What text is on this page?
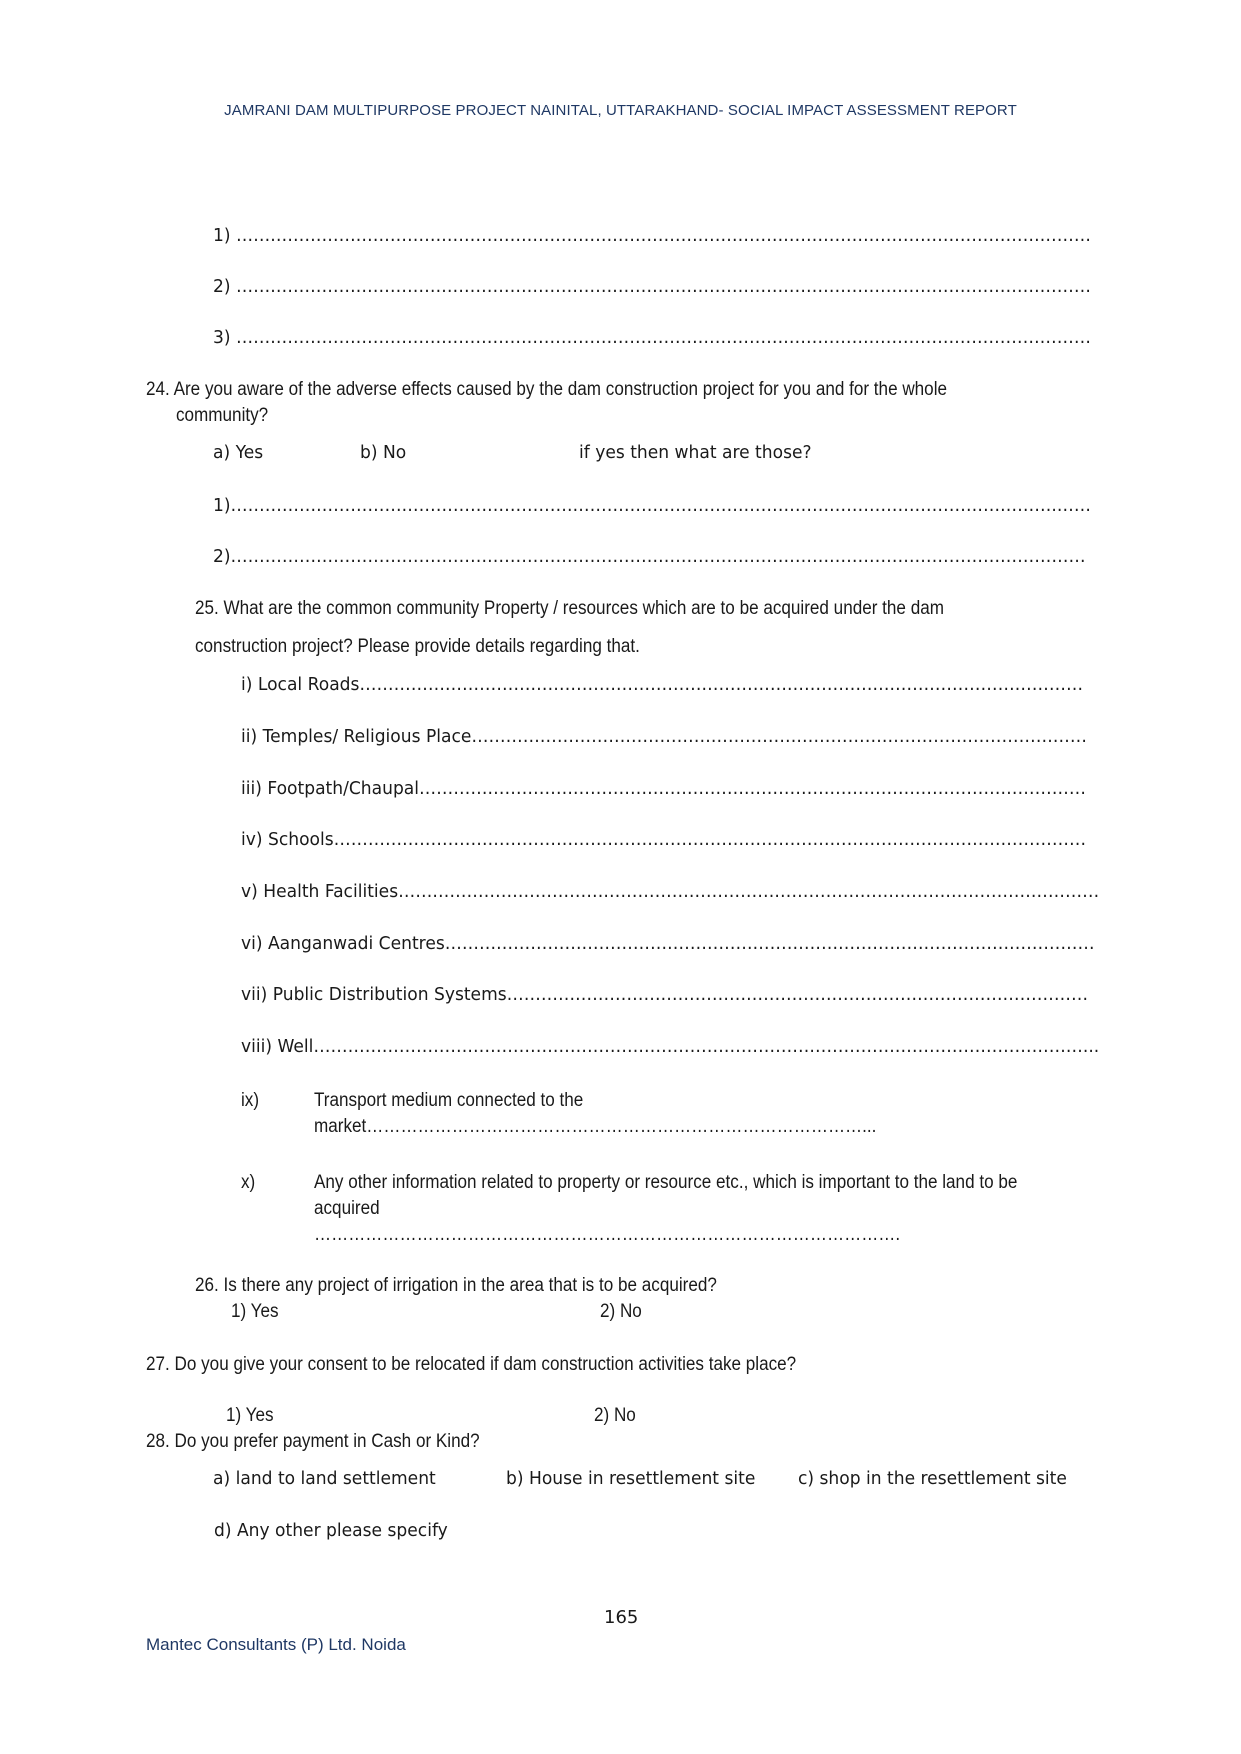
JAMRANI DAM MULTIPURPOSE PROJECT NAINITAL, UTTARAKHAND- SOCIAL IMPACT ASSESSMENT REPORT
1) ……………………………………………………………………………………………………………………………………
2) ……………………………………………………………………………………………………………………………………
3) ……………………………………………………………………………………………………………………………………
24. Are you aware of the adverse effects caused by the dam construction project for you and for the whole
community?
a) Yes	b) No	if yes then what are those?
1)……………………………………………………………………………………………………………………………….……
2)……………………………………………………………………………………………………………………………………
25. What are the common community Property / resources which are to be acquired under the dam
construction project? Please provide details regarding that.
i) Local Roads………………………………………………………………………………….……………………………
ii) Temples/ Religious Place………………………………………………………………………………………………
iii) Footpath/Chaupal………………………………………………………………………………………………………
iv) Schools……………………………………………………………………………………………………………………
v) Health Facilities……………………………………………………………………………………………………………
vi) Aanganwadi Centres……………………………………………………………………………………………………
vii) Public Distribution Systems…………………………………………………………………………………………
viii) Well………………………………………………………………………………………………………………………...
ix)	Transport medium connected to the
market……………………………………………………………………………...
x)	Any other information related to property or resource etc., which is important to the land to be
acquired
………………………………………………………………………………………….
26. Is there any project of irrigation in the area that is to be acquired?
1) Yes	2) No
27. Do you give your consent to be relocated if dam construction activities take place?
1) Yes	2) No
28. Do you prefer payment in Cash or Kind?
a) land to land settlement	b) House in resettlement site c) shop in the resettlement site
d) Any other please specify
165
Mantec Consultants (P) Ltd. Noida
